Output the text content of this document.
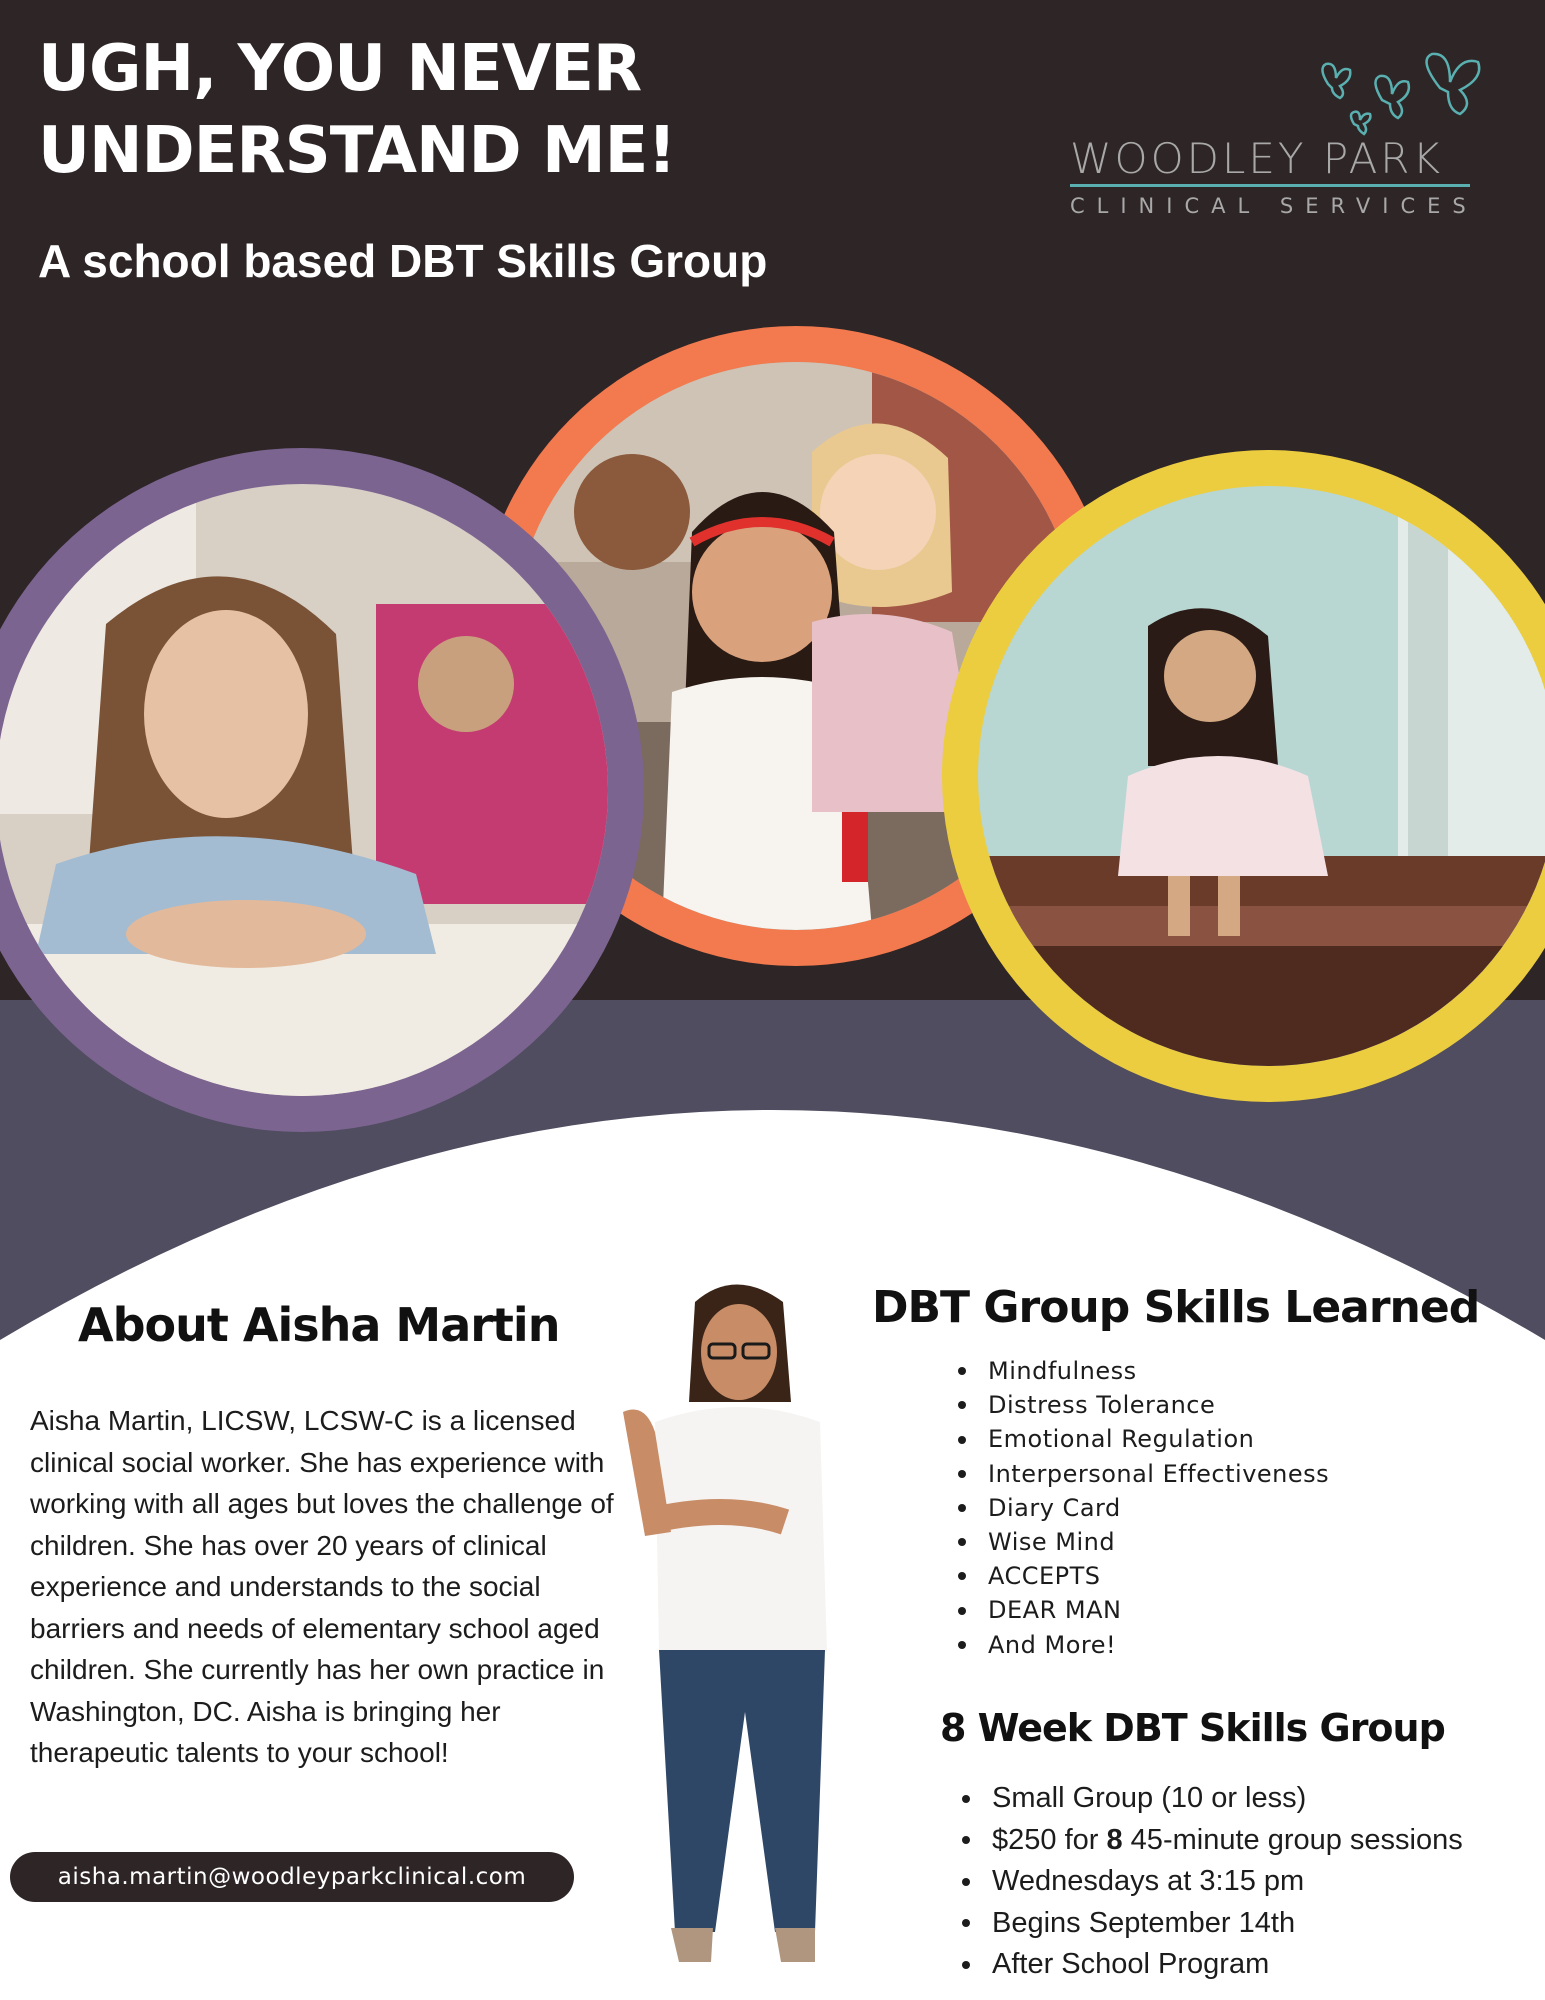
UGH, YOU NEVER
UNDERSTAND ME!
A school based DBT Skills Group
WOODLEY PARK
CLINICAL SERVICES
About Aisha Martin

Aisha Martin, LICSW, LCSW-C is a licensed clinical social worker. She has experience with working with all ages but loves the challenge of children. She has over 20 years of clinical experience and understands to the social barriers and needs of elementary school aged children. She currently has her own practice in Washington, DC. Aisha is bringing her therapeutic talents to your school!

aisha.martin@woodleyparkclinical.com
DBT Group Skills Learned
Mindfulness
Distress Tolerance
Emotional Regulation
Interpersonal Effectiveness
Diary Card
Wise Mind
ACCEPTS
DEAR MAN
And More!
8 Week DBT Skills Group
Small Group (10 or less)
$250 for 8 45-minute group sessions
Wednesdays at 3:15 pm
Begins September 14th
After School Program
